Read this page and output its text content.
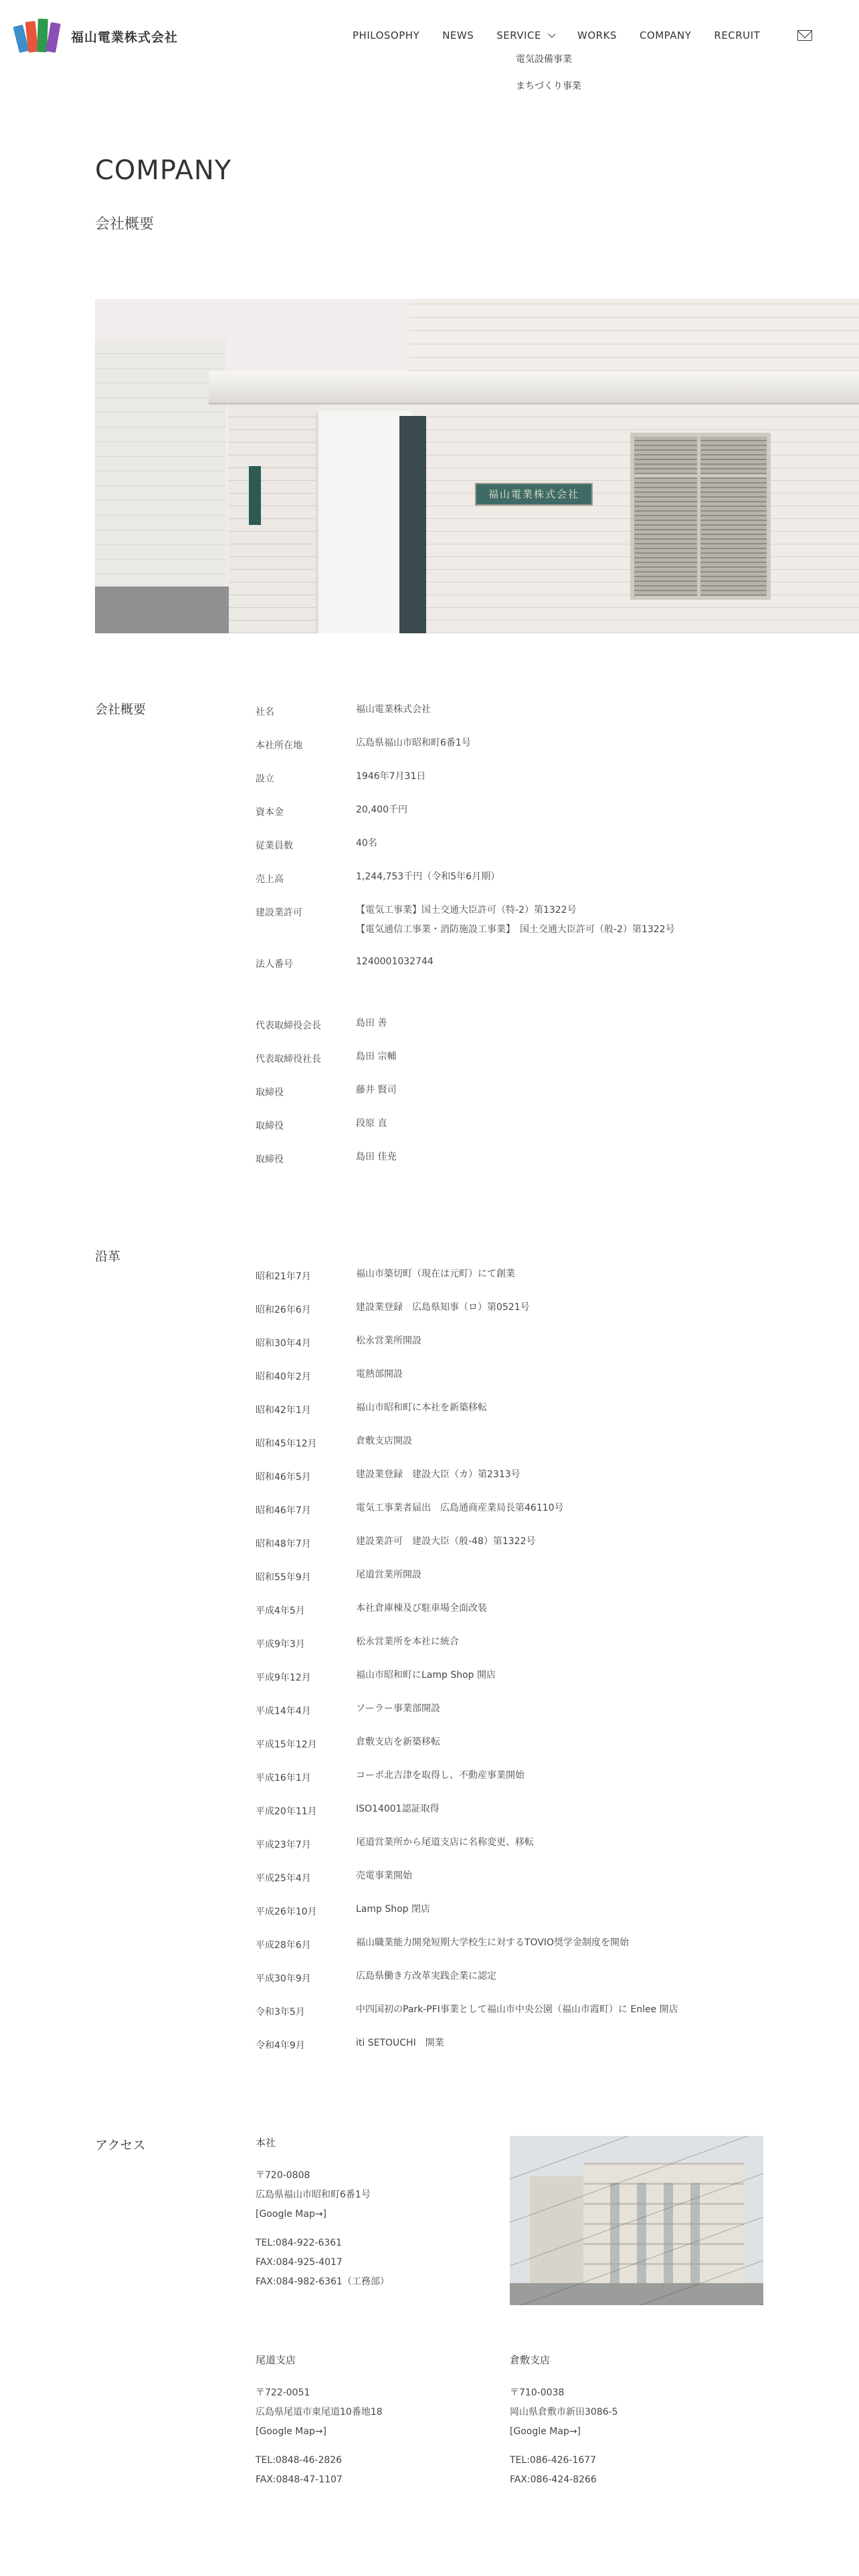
福山電業株式会社	PHILOSOPHY NEWS SERVICE	WORKS COMPANY RECRUIT
電気設備事業
まちづくり事業
COMPANY
会社概要
福山電業株式会社
会社概要	社名	福山電業株式会社
本社所在地	広島県福山市昭和町6番1号
設立	1946年7月31日
資本金	20,400千円
従業員数	40名
売上高	1,244,753千円（令和5年6月期）
建設業許可	【電気工事業】国土交通大臣許可（特-2）第1322号
【電気通信工事業・消防施設工事業】　国土交通大臣許可（般-2）第1322号
法人番号	1240001032744
代表取締役会長	島田 善
代表取締役社長	島田 宗輔
取締役	藤井 賢司
取締役	段原 直
取締役	島田 佳尭
沿革
昭和21年7月	福山市築切町（現在は元町）にて創業
昭和26年6月	建設業登録　広島県知事（ロ）第0521号
昭和30年4月	松永営業所開設
昭和40年2月	電熱部開設
昭和42年1月	福山市昭和町に本社を新築移転
昭和45年12月	倉敷支店開設
昭和46年5月	建設業登録　建設大臣（カ）第2313号
昭和46年7月	電気工事業者届出　広島通商産業局長第46110号
昭和48年7月	建設業許可　建設大臣（般-48）第1322号
昭和55年9月	尾道営業所開設
平成4年5月	本社倉庫棟及び駐車場全面改装
平成9年3月	松永営業所を本社に統合
平成9年12月	福山市昭和町にLamp Shop 開店
平成14年4月	ソーラー事業部開設
平成15年12月	倉敷支店を新築移転
平成16年1月	コーポ北吉津を取得し、不動産事業開始
平成20年11月	ISO14001認証取得
平成23年7月	尾道営業所から尾道支店に名称変更、移転
平成25年4月	売電事業開始
平成26年10月	Lamp Shop 閉店
平成28年6月	福山職業能力開発短期大学校生に対するTOVIO奨学金制度を開始
平成30年9月	広島県働き方改革実践企業に認定
令和3年5月	中四国初のPark-PFI事業として福山市中央公園（福山市霞町）に Enlee 開店
令和4年9月	iti SETOUCHI　開業
アクセス	本社
〒720-0808
広島県福山市昭和町6番1号
[Google Map→]
TEL:084-922-6361
FAX:084-925-4017
FAX:084-982-6361（工務部）
尾道支店
〒722-0051
広島県尾道市東尾道10番地18
[Google Map→]
TEL:0848-46-2826
FAX:0848-47-1107
倉敷支店
〒710-0038
岡山県倉敷市新田3086-5
[Google Map→]
TEL:086-426-1677
FAX:086-424-8266
